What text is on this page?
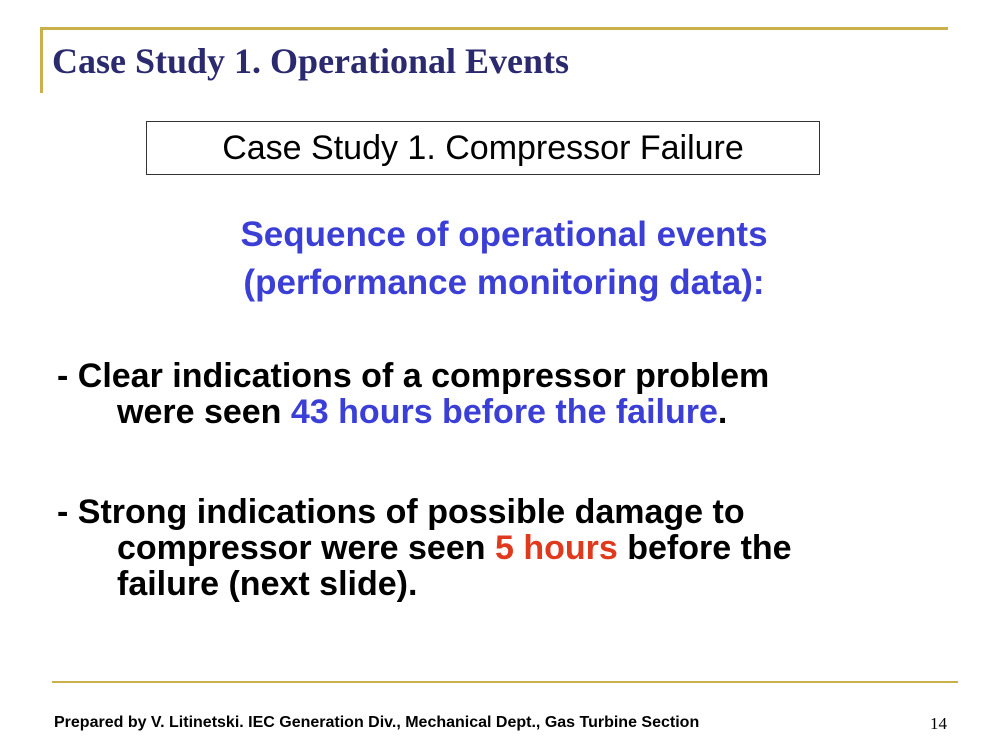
Case Study 1. Operational Events
Case Study 1. Compressor Failure
Sequence of operational events
(performance monitoring data):
- Clear indications of a compressor problem
were seen 43 hours before the failure.
- Strong indications of possible damage to
compressor were seen 5 hours before the
failure (next slide).
Prepared by V. Litinetski. IEC Generation Div., Mechanical Dept., Gas Turbine Section	14
